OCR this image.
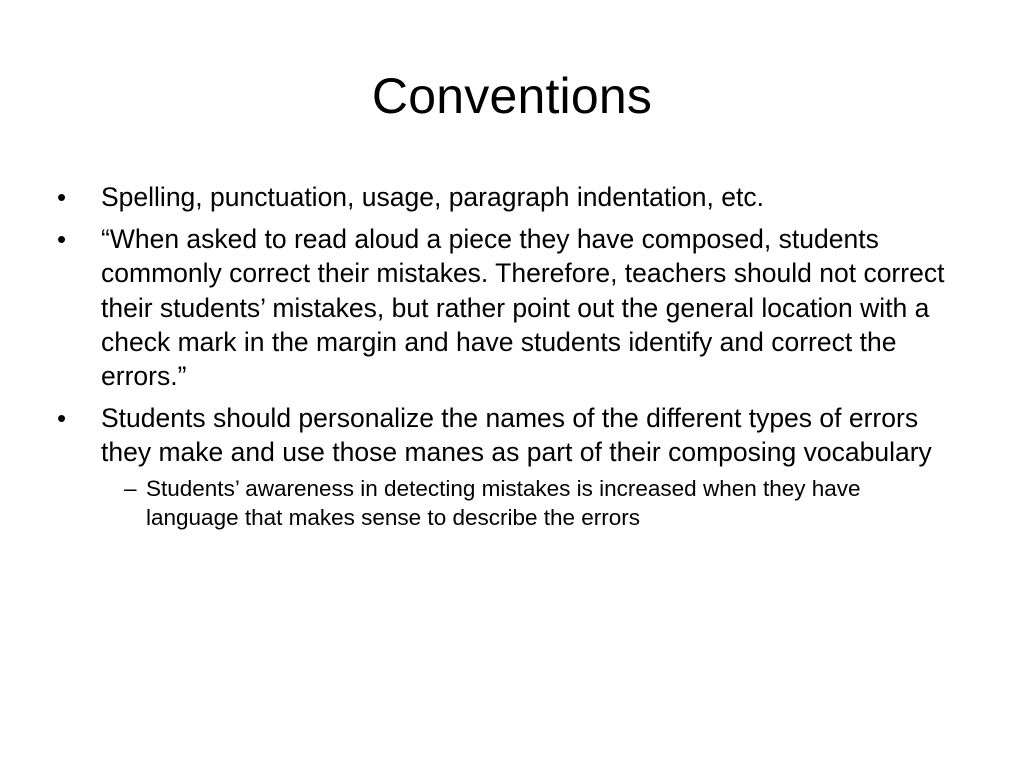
Conventions
•	Spelling, punctuation, usage, paragraph indentation, etc.
•	“When asked to read aloud a piece they have composed, students commonly correct their mistakes. Therefore, teachers should not correct their students’ mistakes, but rather point out the general location with a check mark in the margin and have students identify and correct the errors.”
•	Students should personalize the names of the different types of errors they make and use those manes as part of their composing vocabulary
– Students’ awareness in detecting mistakes is increased when they have language that makes sense to describe the errors
